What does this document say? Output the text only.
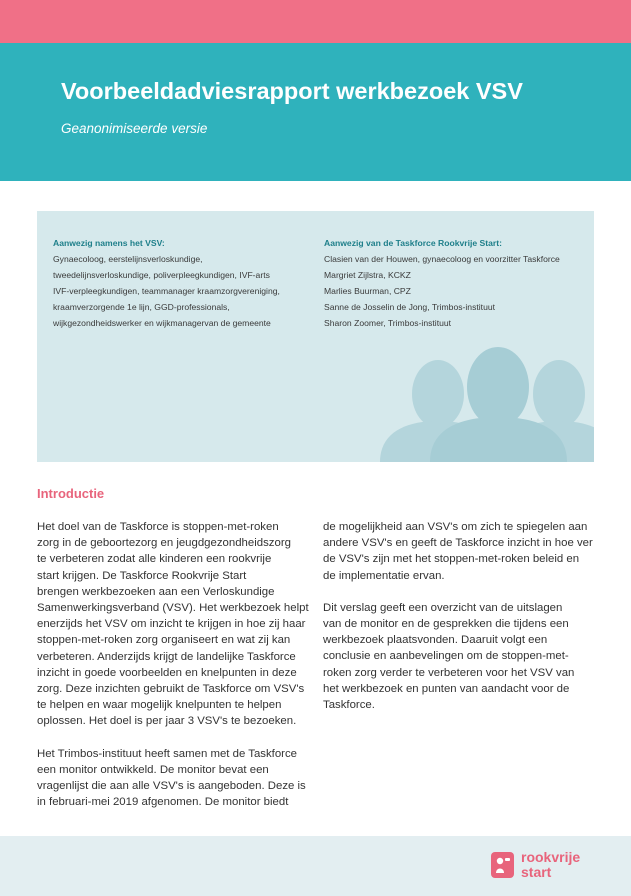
Voorbeeldadviesrapport werkbezoek VSV

Geanonimiseerde versie

Aanwezig namens het VSV:
Gynaecoloog, eerstelijnsverloskundige,
tweedelijnsverloskundige, poliverpleegkundigen, IVF-arts
IVF-verpleegkundigen, teammanager kraamzorgvereniging,
kraamverzorgende 1e lijn, GGD-professionals,
wijkgezondheidswerker en wijkmanagervan de gemeente
Aanwezig van de Taskforce Rookvrije Start:
Clasien van der Houwen, gynaecoloog en voorzitter Taskforce
Margriet Zijlstra, KCKZ
Marlies Buurman, CPZ
Sanne de Josselin de Jong, Trimbos-instituut
Sharon Zoomer, Trimbos-instituut
Introductie

Het doel van de Taskforce is stoppen-met-roken
zorg in de geboortezorg en jeugdgezondheidszorg
te verbeteren zodat alle kinderen een rookvrije
start krijgen. De Taskforce Rookvrije Start
brengen werkbezoeken aan een Verloskundige
Samenwerkingsverband (VSV). Het werkbezoek helpt
enerzijds het VSV om inzicht te krijgen in hoe zij haar
stoppen-met-roken zorg organiseert en wat zij kan
verbeteren. Anderzijds krijgt de landelijke Taskforce
inzicht in goede voorbeelden en knelpunten in deze
zorg. Deze inzichten gebruikt de Taskforce om VSV's
te helpen en waar mogelijk knelpunten te helpen
oplossen. Het doel is per jaar 3 VSV's te bezoeken.

Het Trimbos-instituut heeft samen met de Taskforce
een monitor ontwikkeld. De monitor bevat een
vragenlijst die aan alle VSV's is aangeboden. Deze is
in februari-mei 2019 afgenomen. De monitor biedt

de mogelijkheid aan VSV's om zich te spiegelen aan
andere VSV's en geeft de Taskforce inzicht in hoe ver
de VSV's zijn met het stoppen-met-roken beleid en
de implementatie ervan.

Dit verslag geeft een overzicht van de uitslagen
van de monitor en de gesprekken die tijdens een
werkbezoek plaatsvonden. Daaruit volgt een
conclusie en aanbevelingen om de stoppen-met-
roken zorg verder te verbeteren voor het VSV van
het werkbezoek en punten van aandacht voor de
Taskforce.

rookvrije
start
